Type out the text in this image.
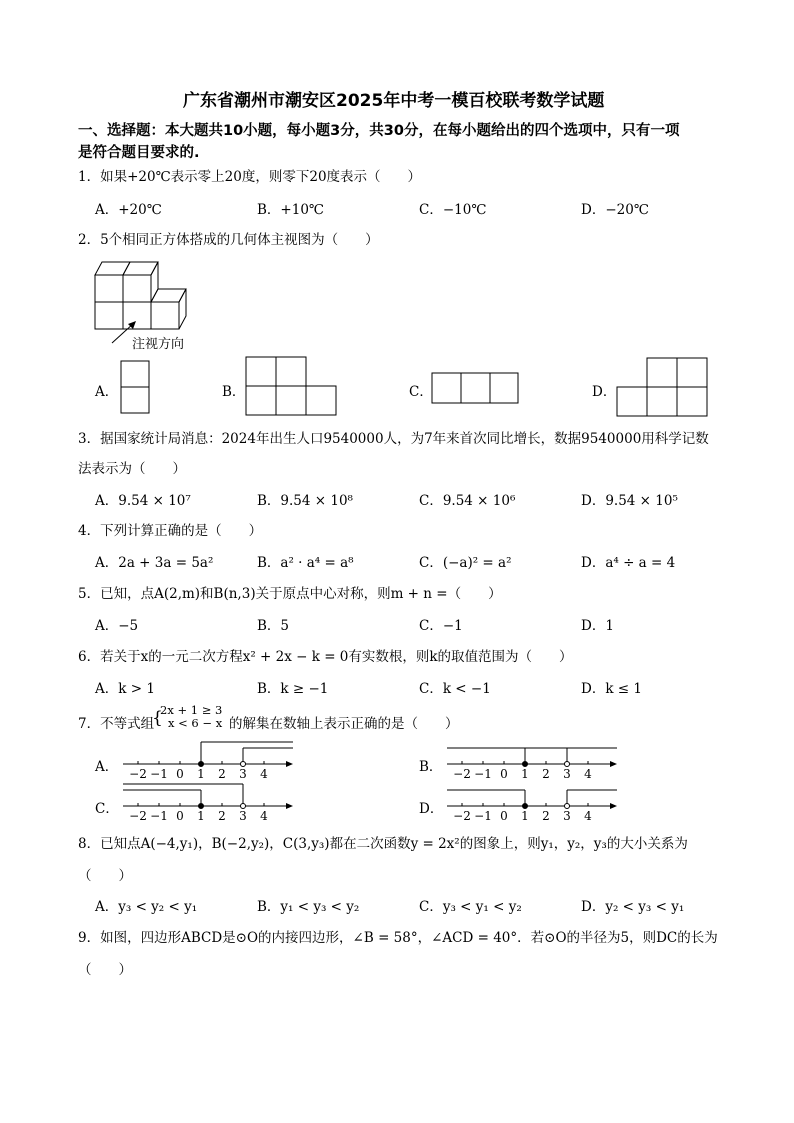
广东省潮州市潮安区2025年中考一模百校联考数学试题
一、选择题：本大题共10小题，每小题3分，共30分，在每小题给出的四个选项中，只有一项
是符合题目要求的.
1．如果+20℃表示零上20度，则零下20度表示（　　）
A．+20℃	B．+10℃	C．−10℃	D．−20℃
2．5个相同正方体搭成的几何体主视图为（　　）
注视方向
A．	B．	C．	D．
3．据国家统计局消息：2024年出生人口9540000人，为7年来首次同比增长，数据9540000用科学记数
法表示为（　　）
A．9.54 × 10⁷	B．9.54 × 10⁸	C．9.54 × 10⁶	D．9.54 × 10⁵
4．下列计算正确的是（　　）
A．2a + 3a = 5a²	B．a² · a⁴ = a⁸	C．(−a)² = a²	D．a⁴ ÷ a = 4
5．已知，点A(2,m)和B(n,3)关于原点中心对称，则m + n =（　　）
A．−5	B．5	C．−1	D．1
6．若关于x的一元二次方程x² + 2x − k = 0有实数根，则k的取值范围为（　　）
A．k > 1	B．k ≥ −1	C．k < −1	D．k ≤ 1
7．不等式组
{
2x + 1 ≥ 3
x < 6 − x 的解集在数轴上表示正确的是（　　）
A．	B．
C．	D．
−2 −1 0 1 2 3 4	−2 −1 0 1 2 3 4
−2 −1 0 1 2 3 4	−2 −1 0 1 2 3 4
8．已知点A(−4,y₁)，B(−2,y₂)，C(3,y₃)都在二次函数y = 2x²的图象上，则y₁，y₂，y₃的大小关系为
（　　）
A．y₃ < y₂ < y₁	B．y₁ < y₃ < y₂	C．y₃ < y₁ < y₂	D．y₂ < y₃ < y₁
9．如图，四边形ABCD是⊙O的内接四边形，∠B = 58°，∠ACD = 40°．若⊙O的半径为5，则DC的长为
（　　）
